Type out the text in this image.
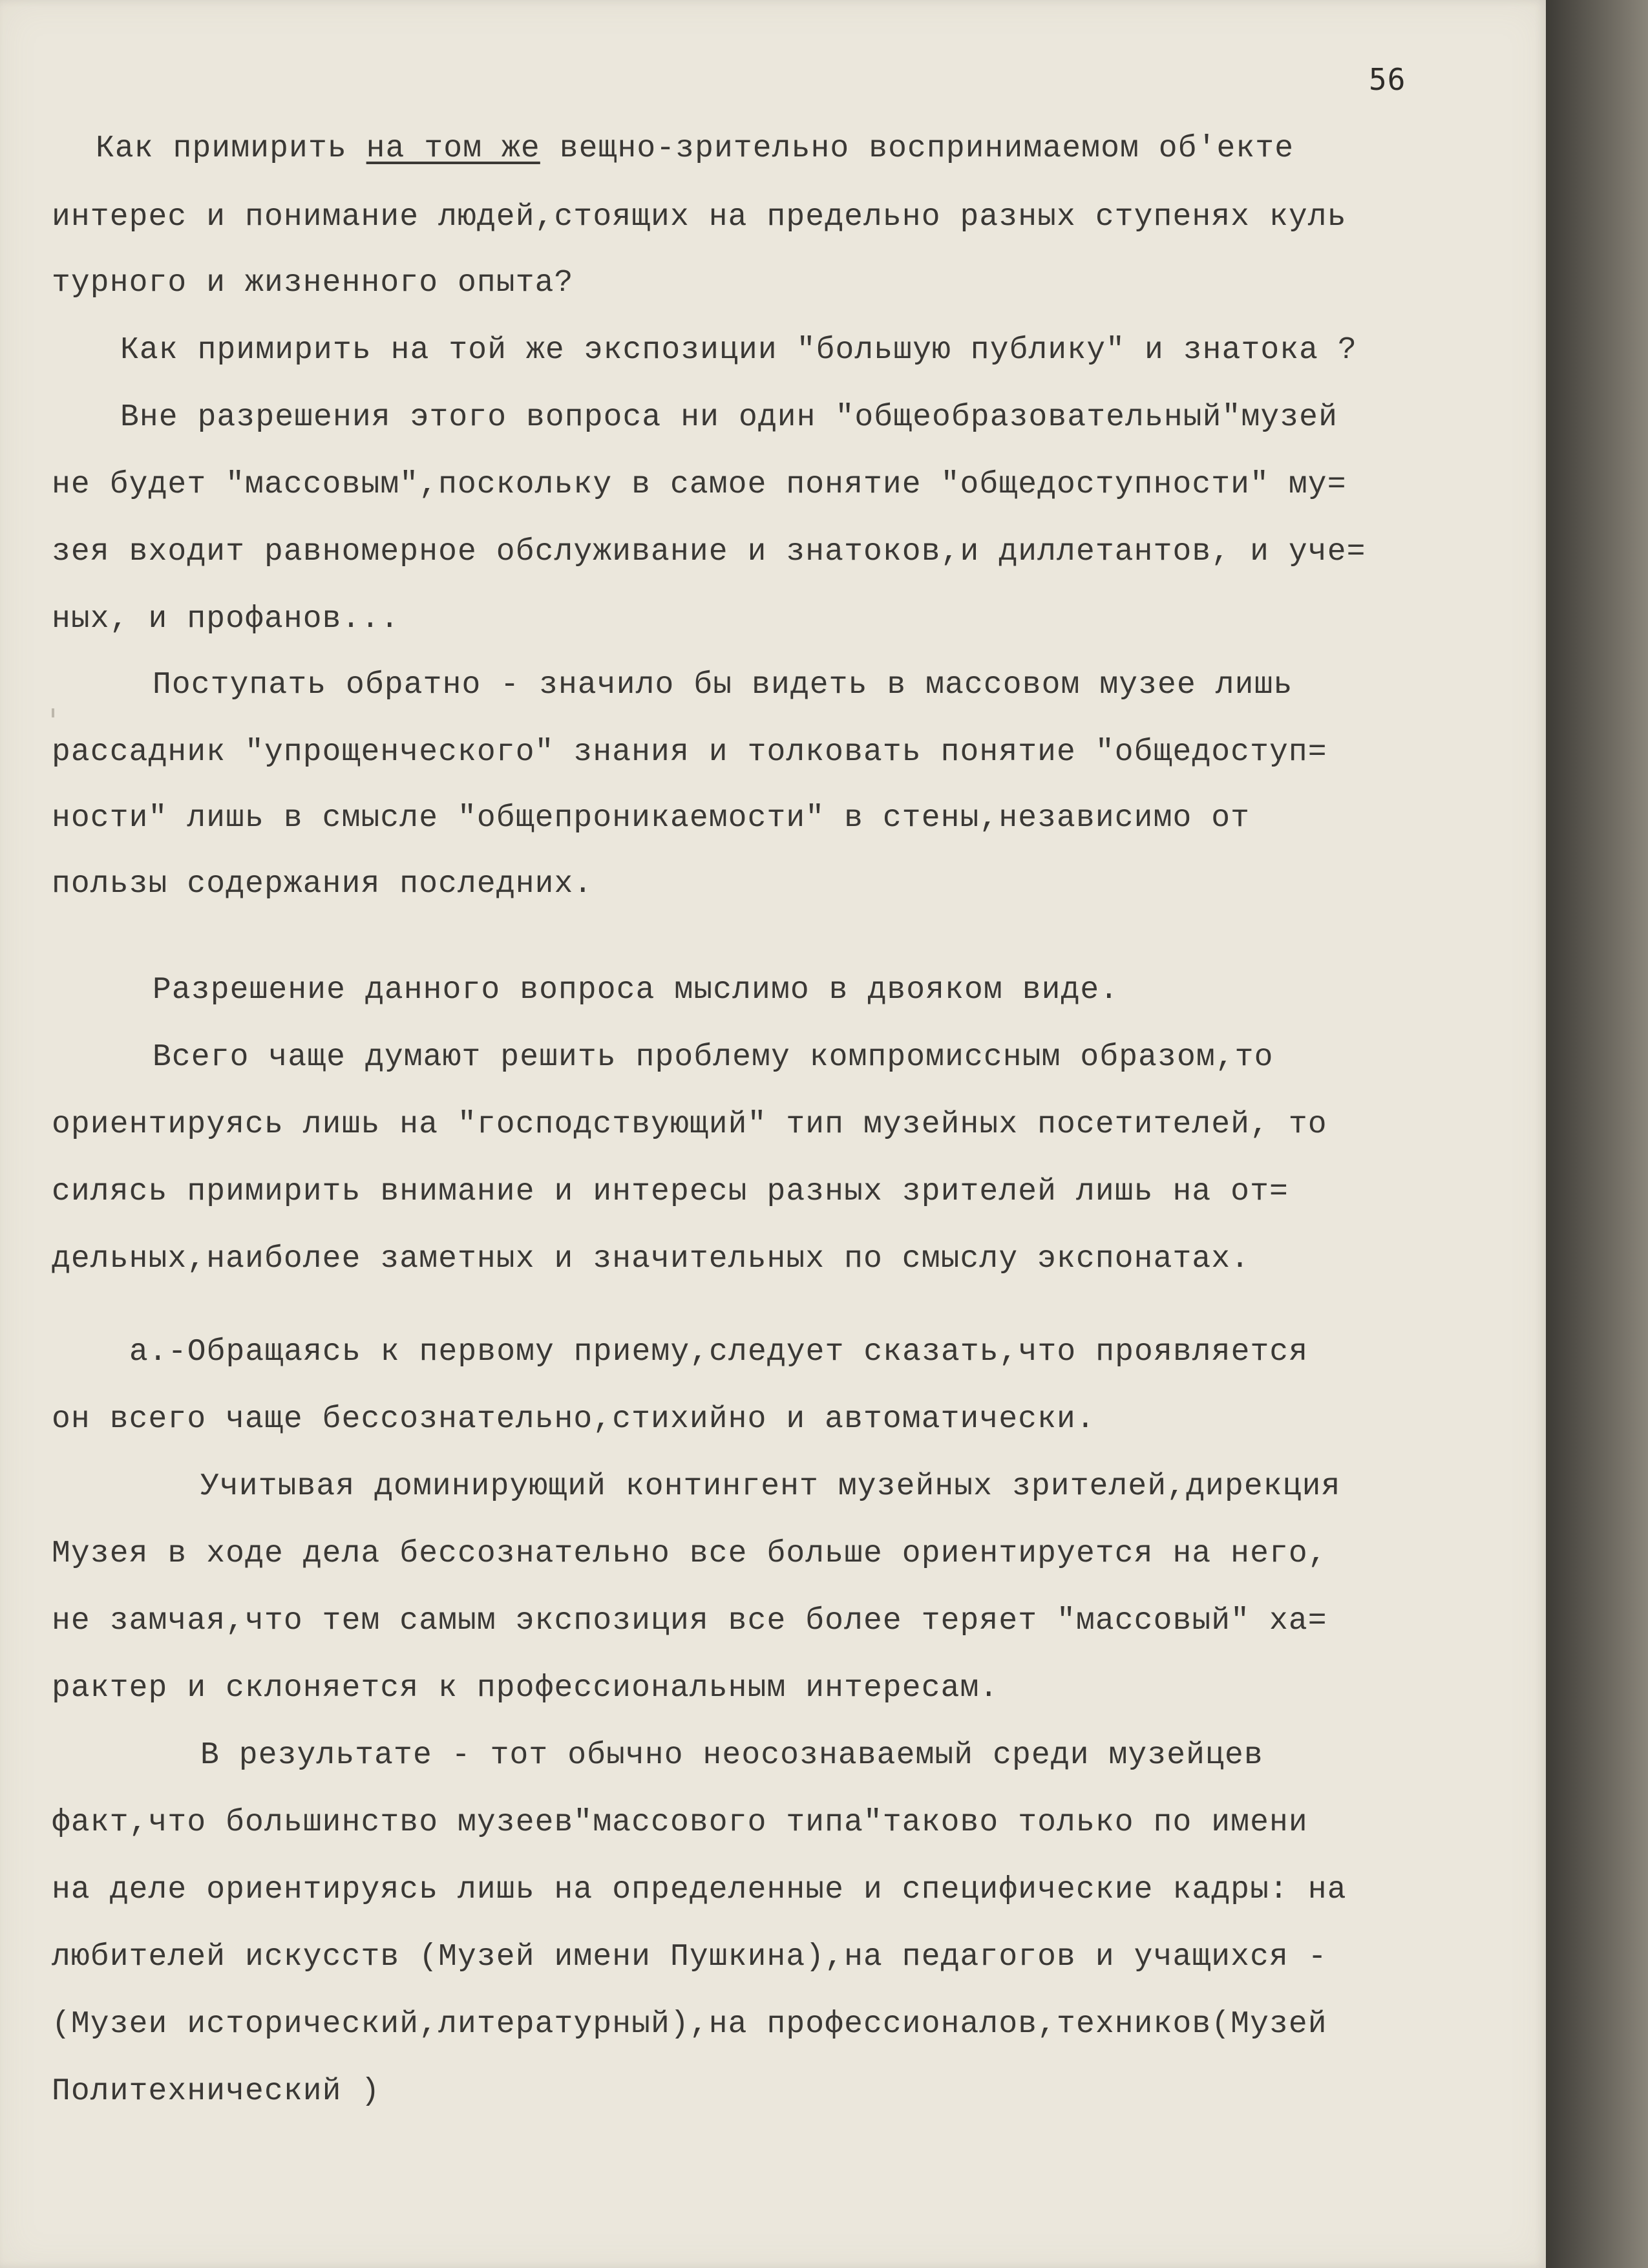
56
Как примирить на том же вещно-зрительно воспринимаемом об'екте
интерес и понимание людей,стоящих на предельно разных ступенях куль
турного и жизненного опыта?
Как примирить на той же экспозиции "большую публику" и знатока ?
Вне разрешения этого вопроса ни один "общеобразовательный"музей
не будет "массовым",поскольку в самое понятие "общедоступности" му=
зея входит равномерное обслуживание и знатоков,и диллетантов, и уче=
ных, и профанов...
Поступать обратно - значило бы видеть в массовом музее лишь
рассадник "упрощенческого" знания и толковать понятие "общедоступ=
ности" лишь в смысле "общепроникаемости" в стены,независимо от
пользы содержания последних.
Разрешение данного вопроса мыслимо в двояком виде.
Всего чаще думают решить проблему компромиссным образом,то
ориентируясь лишь на "господствующий" тип музейных посетителей, то
силясь примирить внимание и интересы разных зрителей лишь на от=
дельных,наиболее заметных и значительных по смыслу экспонатах.
а.-Обращаясь к первому приему,следует сказать,что проявляется
он всего чаще бессознательно,стихийно и автоматически.
Учитывая доминирующий контингент музейных зрителей,дирекция
Музея в ходе дела бессознательно все больше ориентируется на него,
не замчая,что тем самым экспозиция все более теряет "массовый" ха=
рактер и склоняется к профессиональным интересам.
В результате - тот обычно неосознаваемый среди музейцев
факт,что большинство музеев"массового типа"таково только по имени
на деле ориентируясь лишь на определенные и специфические кадры: на
любителей искусств (Музей имени Пушкина),на педагогов и учащихся -
(Музеи исторический,литературный),на профессионалов,техников(Музей
Политехнический )
